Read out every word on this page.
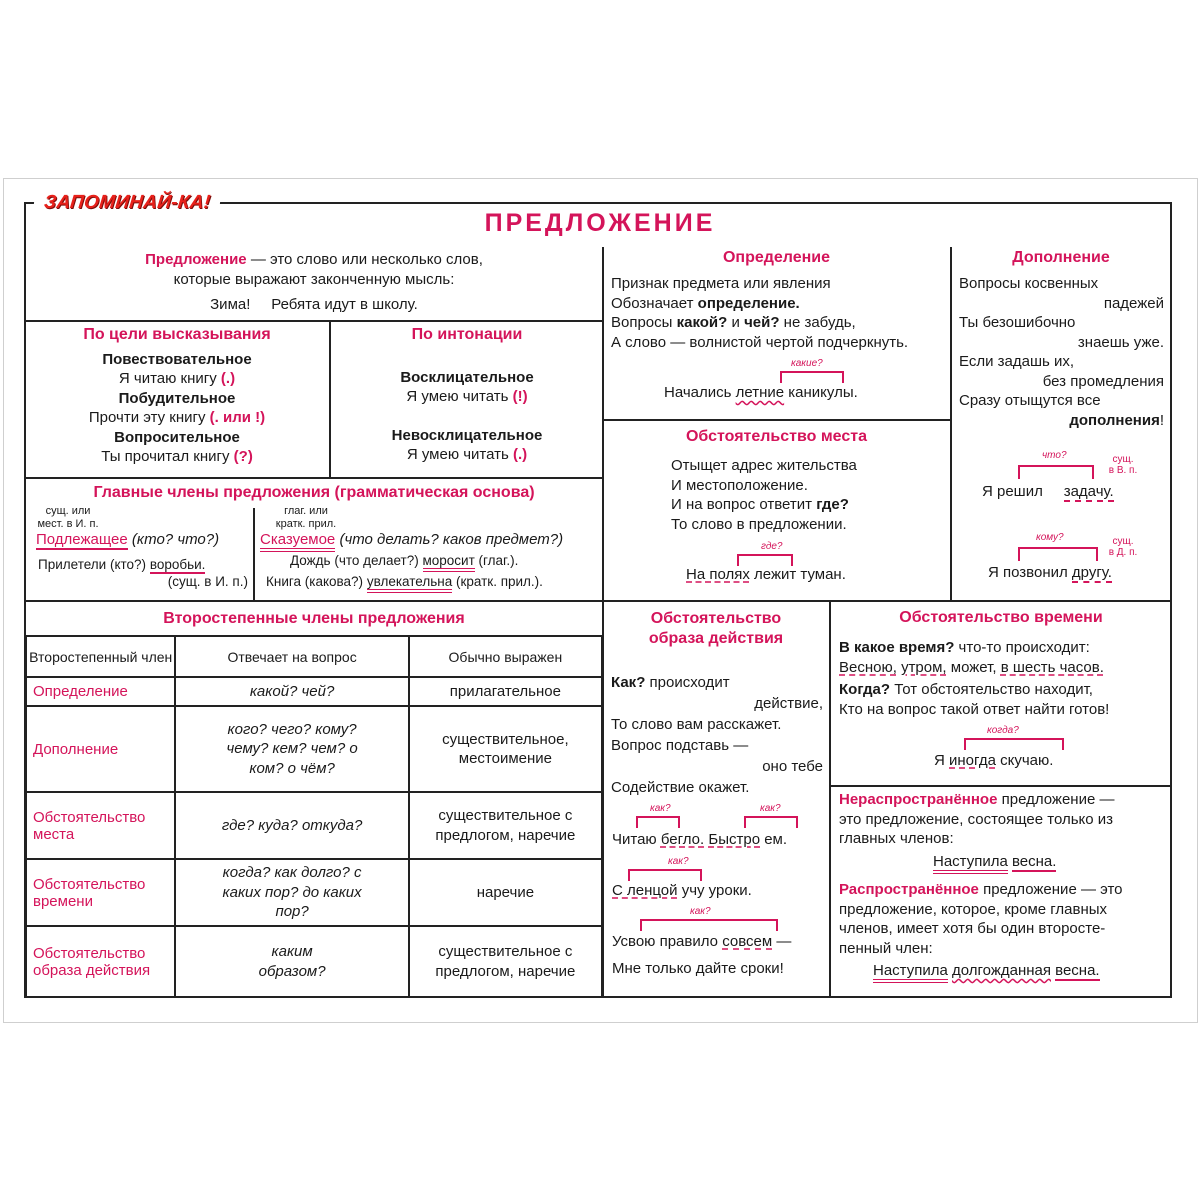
ЗАПОМИНАЙ-КА!
ПРЕДЛОЖЕНИЕ
Предложение — это слово или несколько слов,
которые выражают законченную мысль:
Зима! Ребята идут в школу.
По цели высказывания
Повествовательное
Я читаю книгу (.)
Побудительное
Прочти эту книгу (. или !)
Вопросительное
Ты прочитал книгу (?)
По интонации
Восклицательное
Я умею читать (!)
Невосклицательное
Я умею читать (.)
Главные члены предложения (грамматическая основа)
сущ. или
мест. в И. п.
Подлежащее (кто? что?)
глаг. или
кратк. прил.
Сказуемое (что делать? каков предмет?)
Прилетели (кто?) воробьи.
(сущ. в И. п.)
Дождь (что делает?) моросит (глаг.).
Книга (какова?) увлекательна (кратк. прил.).
Определение
Признак предмета или явления
Обозначает определение.
Вопросы какой? и чей? не забудь,
А слово — волнистой чертой подчеркнуть.
какие?
Начались летние каникулы.
Дополнение
Вопросы косвенных
падежей
Ты безошибочно
знаешь уже.
Если задашь их,
без промедления
Сразу отыщутся все
дополнения!
что?	сущ.
в В. п.
Я решил задачу.
кому?	сущ.
в Д. п.
Я позвонил другу.
Обстоятельство места
Отыщет адрес жительства
И местоположение.
И на вопрос ответит где?
То слово в предложении.
где?
На полях лежит туман.
Второстепенные члены предложения
Второстепенный член	Отвечает на вопрос	Обычно выражен
Определение	какой? чей?	прилагательное
Дополнение	кого? чего? кому? чему? кем? чем? о ком? о чём?	существительное, местоимение
Обстоятельство места	где? куда? откуда?	существительное с предлогом, наречие
Обстоятельство времени	когда? как долго? с каких пор? до каких пор?	наречие
Обстоятельство образа действия	каким образом?	существительное с предлогом, наречие
Обстоятельство
образа действия
Как? происходит
действие,
То слово вам расскажет.
Вопрос подставь —
оно тебе
Содействие окажет.
как?	как?
Читаю бегло. Быстро ем.
как?
С ленцой учу уроки.
как?
Усвою правило совсем —
Мне только дайте сроки!
Обстоятельство времени
В какое время? что-то происходит:
Весною, утром, может, в шесть часов.
Когда? Тот обстоятельство находит,
Кто на вопрос такой ответ найти готов!
когда?
Я иногда скучаю.
Нераспространённое предложение —
это предложение, состоящее только из
главных членов:
Наступила весна.
Распространённое предложение — это
предложение, которое, кроме главных
членов, имеет хотя бы один второсте-
пенный член:
Наступила долгожданная весна.
